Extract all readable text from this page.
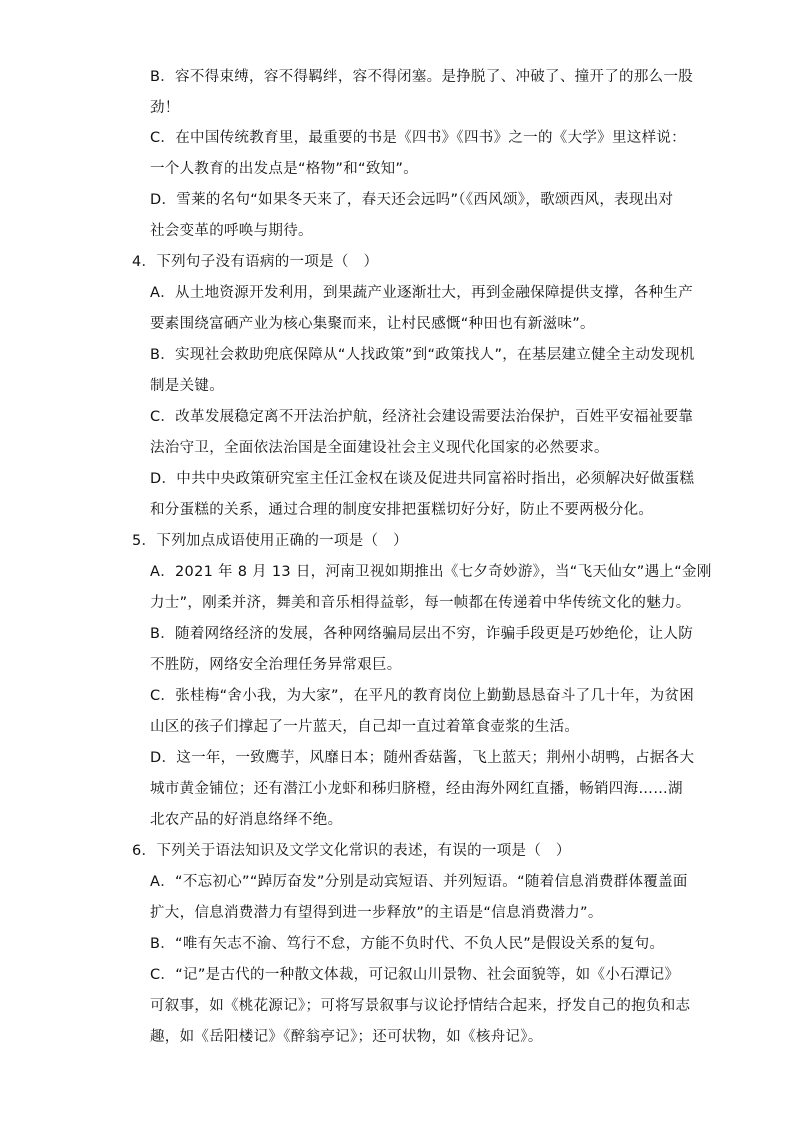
B．容不得束缚，容不得羁绊，容不得闭塞。是挣脱了、冲破了、撞开了的那么一股
劲！
C．在中国传统教育里，最重要的书是《四书》《四书》之一的《大学》里这样说：
一个人教育的出发点是“格物”和“致知”。
D．雪莱的名句“如果冬天来了，春天还会远吗”（《西风颂》，歌颂西风，表现出对
社会变革的呼唤与期待。
4．下列句子没有语病的一项是（　）
A．从土地资源开发利用，到果蔬产业逐渐壮大，再到金融保障提供支撑，各种生产
要素围绕富硒产业为核心集聚而来，让村民感慨“种田也有新滋味”。
B．实现社会救助兜底保障从“人找政策”到“政策找人”，在基层建立健全主动发现机
制是关键。
C．改革发展稳定离不开法治护航，经济社会建设需要法治保护，百姓平安福祉要靠
法治守卫，全面依法治国是全面建设社会主义现代化国家的必然要求。
D．中共中央政策研究室主任江金权在谈及促进共同富裕时指出，必须解决好做蛋糕
和分蛋糕的关系，通过合理的制度安排把蛋糕切好分好，防止不要两极分化。
5．下列加点成语使用正确的一项是（　）
A．2021 年 8 月 13 日，河南卫视如期推出《七夕奇妙游》，当“飞天仙女”遇上“金刚
力士”，刚柔并济，舞美和音乐相得益彰，每一帧都在传递着中华传统文化的魅力。
B．随着网络经济的发展，各种网络骗局层出不穷，诈骗手段更是巧妙绝伦，让人防
不胜防，网络安全治理任务异常艰巨。
C．张桂梅“舍小我，为大家”，在平凡的教育岗位上勤勤恳恳奋斗了几十年，为贫困
山区的孩子们撑起了一片蓝天，自己却一直过着箪食壶浆的生活。
D．这一年，一致鹰芋，风靡日本；随州香菇酱，飞上蓝天；荆州小胡鸭，占据各大
城市黄金铺位；还有潜江小龙虾和秭归脐橙，经由海外网红直播，畅销四海……湖
北农产品的好消息络绎不绝。
6．下列关于语法知识及文学文化常识的表述，有误的一项是（　）
A．“不忘初心”“踔厉奋发”分别是动宾短语、并列短语。“随着信息消费群体覆盖面
扩大，信息消费潜力有望得到进一步释放”的主语是“信息消费潜力”。
B．“唯有矢志不渝、笃行不怠，方能不负时代、不负人民”是假设关系的复句。
C．“记”是古代的一种散文体裁，可记叙山川景物、社会面貌等，如《小石潭记》
可叙事，如《桃花源记》；可将写景叙事与议论抒情结合起来，抒发自己的抱负和志
趣，如《岳阳楼记》《醉翁亭记》；还可状物，如《核舟记》。
